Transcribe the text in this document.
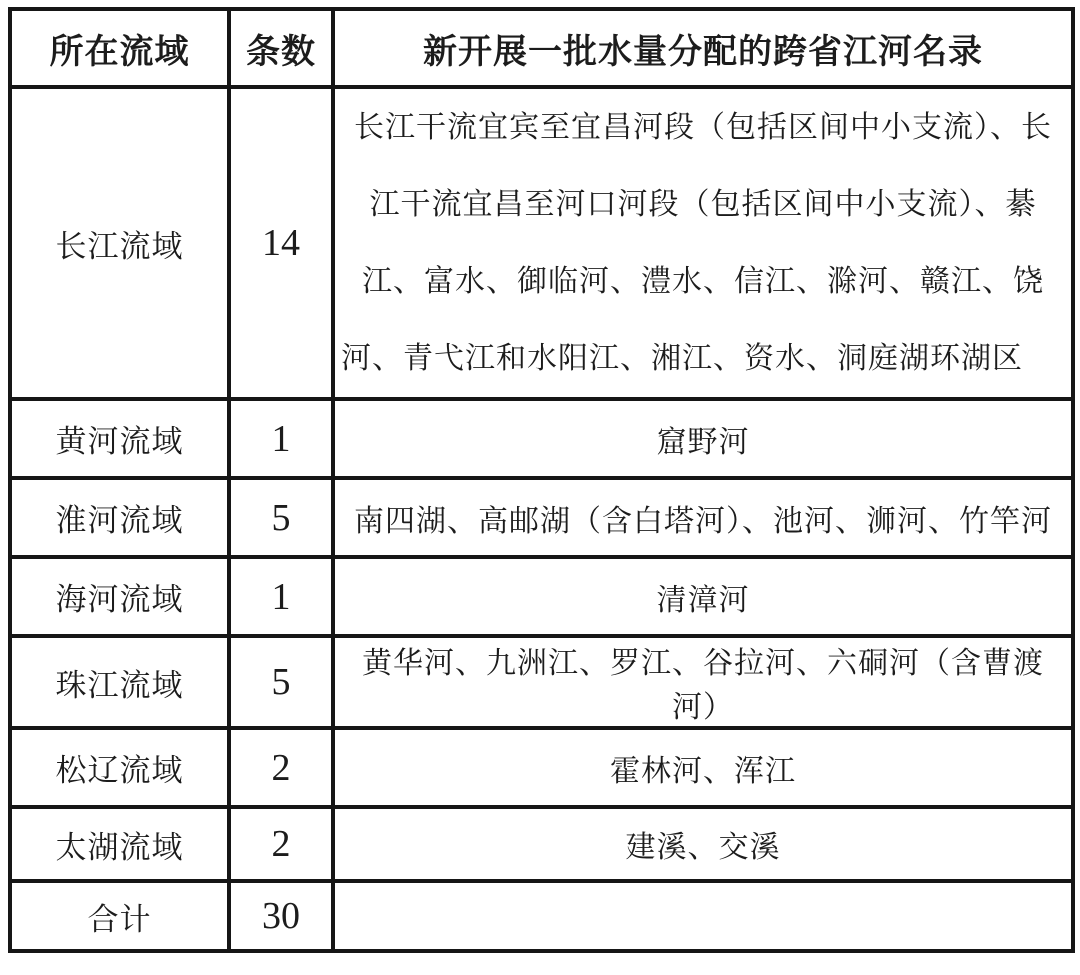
所在流域	条数	新开展一批水量分配的跨省江河名录
长江流域	14	长江干流宜宾至宜昌河段（包括区间中小支流）、长江干流宜昌至河口河段（包括区间中小支流）、綦江、富水、御临河、澧水、信江、滁河、赣江、饶河、青弋江和水阳江、湘江、资水、洞庭湖环湖区
黄河流域	1	窟野河
淮河流域	5	南四湖、高邮湖（含白塔河）、池河、浉河、竹竿河
海河流域	1	清漳河
珠江流域	5	黄华河、九洲江、罗江、谷拉河、六硐河（含曹渡河）
松辽流域	2	霍林河、浑江
太湖流域	2	建溪、交溪
合计	30	
